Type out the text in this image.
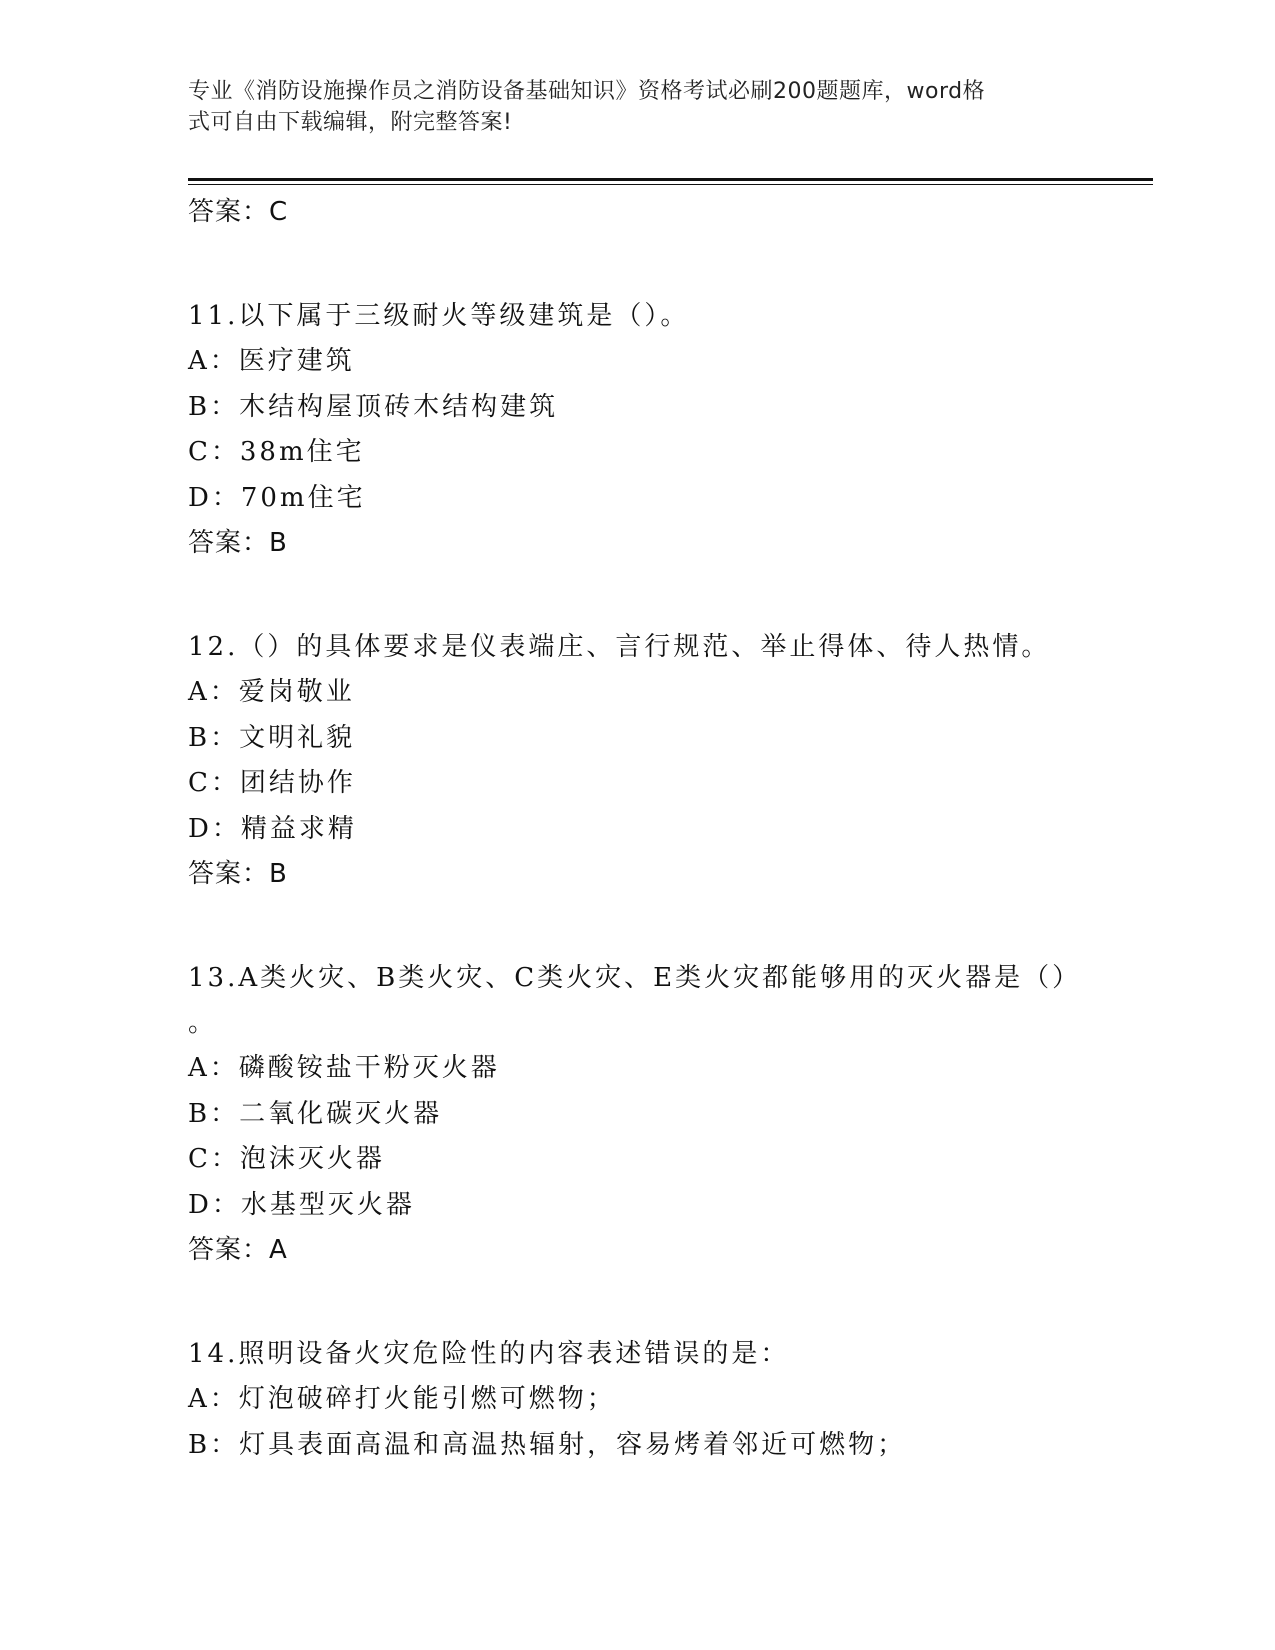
专业《消防设施操作员之消防设备基础知识》资格考试必刷200题题库，word格
式可自由下载编辑，附完整答案!
答案：C
11.以下属于三级耐火等级建筑是（）。
A：医疗建筑
B：木结构屋顶砖木结构建筑
C：38m住宅
D：70m住宅
答案：B
12.（）的具体要求是仪表端庄、言行规范、举止得体、待人热情。
A：爱岗敬业
B：文明礼貌
C：团结协作
D：精益求精
答案：B
13.A类火灾、B类火灾、C类火灾、E类火灾都能够用的灭火器是（）
。
A：磷酸铵盐干粉灭火器
B：二氧化碳灭火器
C：泡沫灭火器
D：水基型灭火器
答案：A
14.照明设备火灾危险性的内容表述错误的是：
A：灯泡破碎打火能引燃可燃物；
B：灯具表面高温和高温热辐射，容易烤着邻近可燃物；
